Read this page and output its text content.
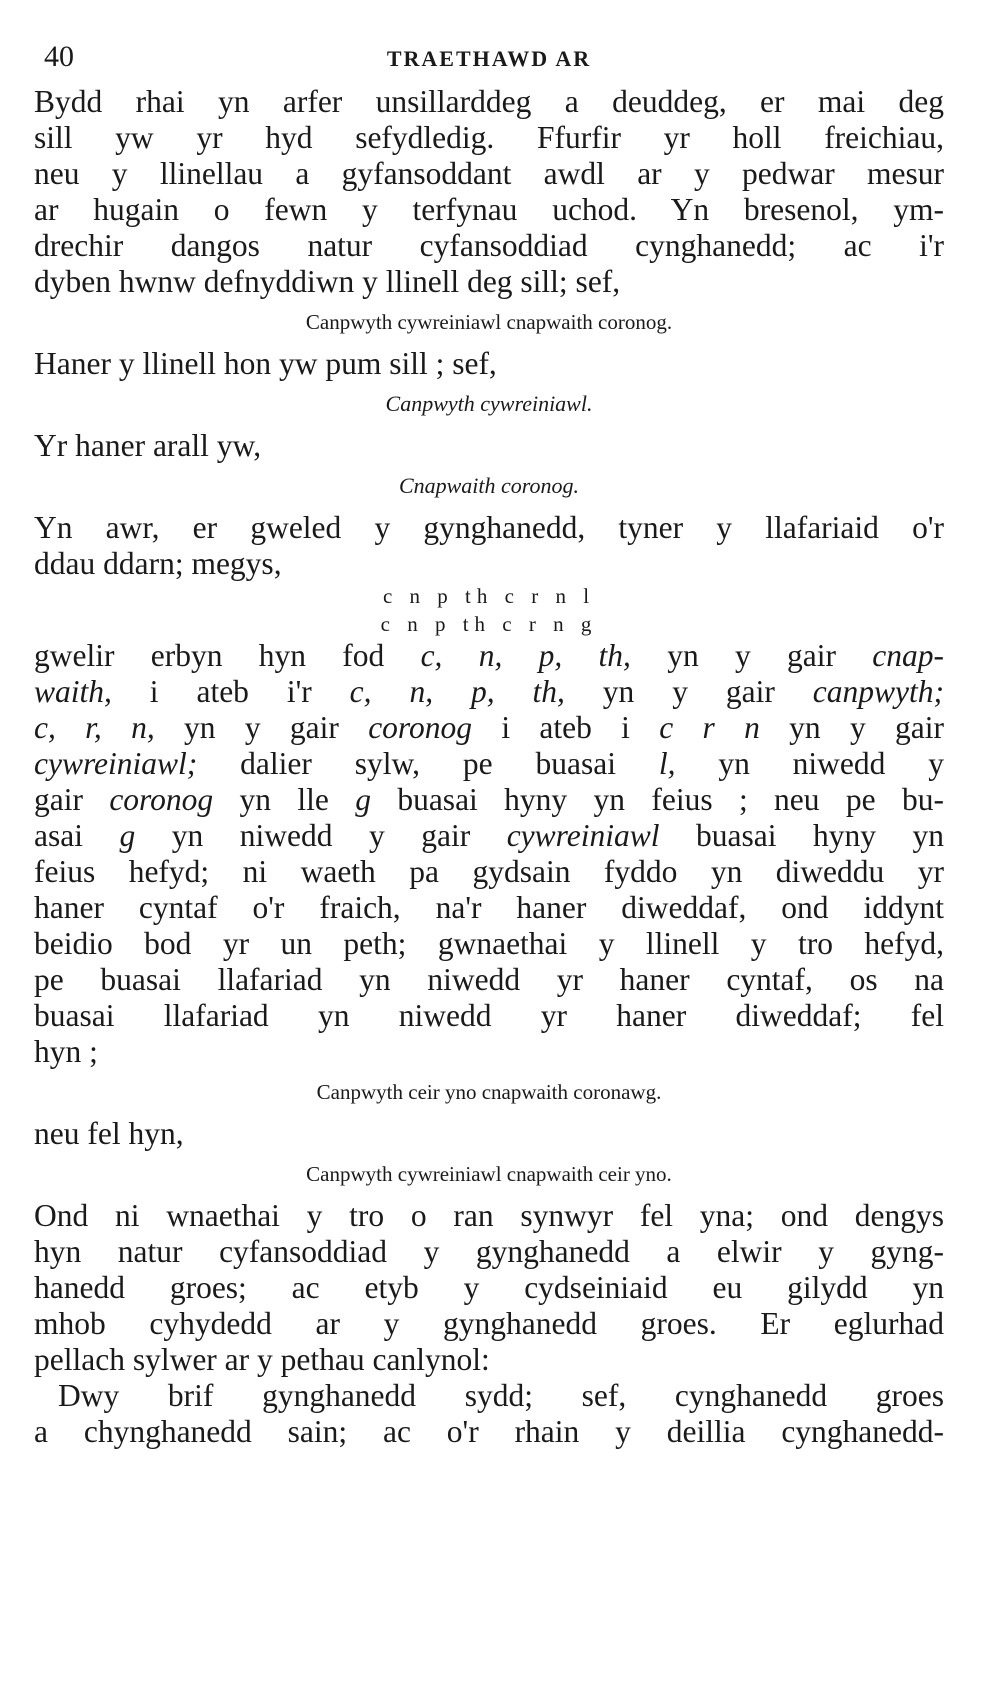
40	TRAETHAWD AR
Bydd rhai yn arfer unsillarddeg a deuddeg, er mai deg
sill yw yr hyd sefydledig. Ffurfir yr holl freichiau,
neu y llinellau a gyfansoddant awdl ar y pedwar mesur
ar hugain o fewn y terfynau uchod. Yn bresenol, ym-
drechir dangos natur cyfansoddiad cynghanedd; ac i'r
dyben hwnw defnyddiwn y llinell deg sill; sef,
Canpwyth cywreiniawl cnapwaith coronog.
Haner y llinell hon yw pum sill ; sef,
Canpwyth cywreiniawl.
Yr haner arall yw,
Cnapwaith coronog.
Yn awr, er gweled y gynghanedd, tyner y llafariaid o'r
ddau ddarn; megys,
c n p th c r n l
c n p th c r n g
gwelir erbyn hyn fod c, n, p, th, yn y gair cnap-
waith, i ateb i'r c, n, p, th, yn y gair canpwyth;
c, r, n, yn y gair coronog i ateb i c r n yn y gair
cywreiniawl; dalier sylw, pe buasai l, yn niwedd y
gair coronog yn lle g buasai hyny yn feius ; neu pe bu-
asai g yn niwedd y gair cywreiniawl buasai hyny yn
feius hefyd; ni waeth pa gydsain fyddo yn diweddu yr
haner cyntaf o'r fraich, na'r haner diweddaf, ond iddynt
beidio bod yr un peth; gwnaethai y llinell y tro hefyd,
pe buasai llafariad yn niwedd yr haner cyntaf, os na
buasai llafariad yn niwedd yr haner diweddaf; fel
hyn ;
Canpwyth ceir yno cnapwaith coronawg.
neu fel hyn,
Canpwyth cywreiniawl cnapwaith ceir yno.
Ond ni wnaethai y tro o ran synwyr fel yna; ond dengys
hyn natur cyfansoddiad y gynghanedd a elwir y gyng-
hanedd groes; ac etyb y cydseiniaid eu gilydd yn
mhob cyhydedd ar y gynghanedd groes. Er eglurhad
pellach sylwer ar y pethau canlynol:
Dwy brif gynghanedd sydd; sef, cynghanedd groes
a chynghanedd sain; ac o'r rhain y deillia cynghanedd-
